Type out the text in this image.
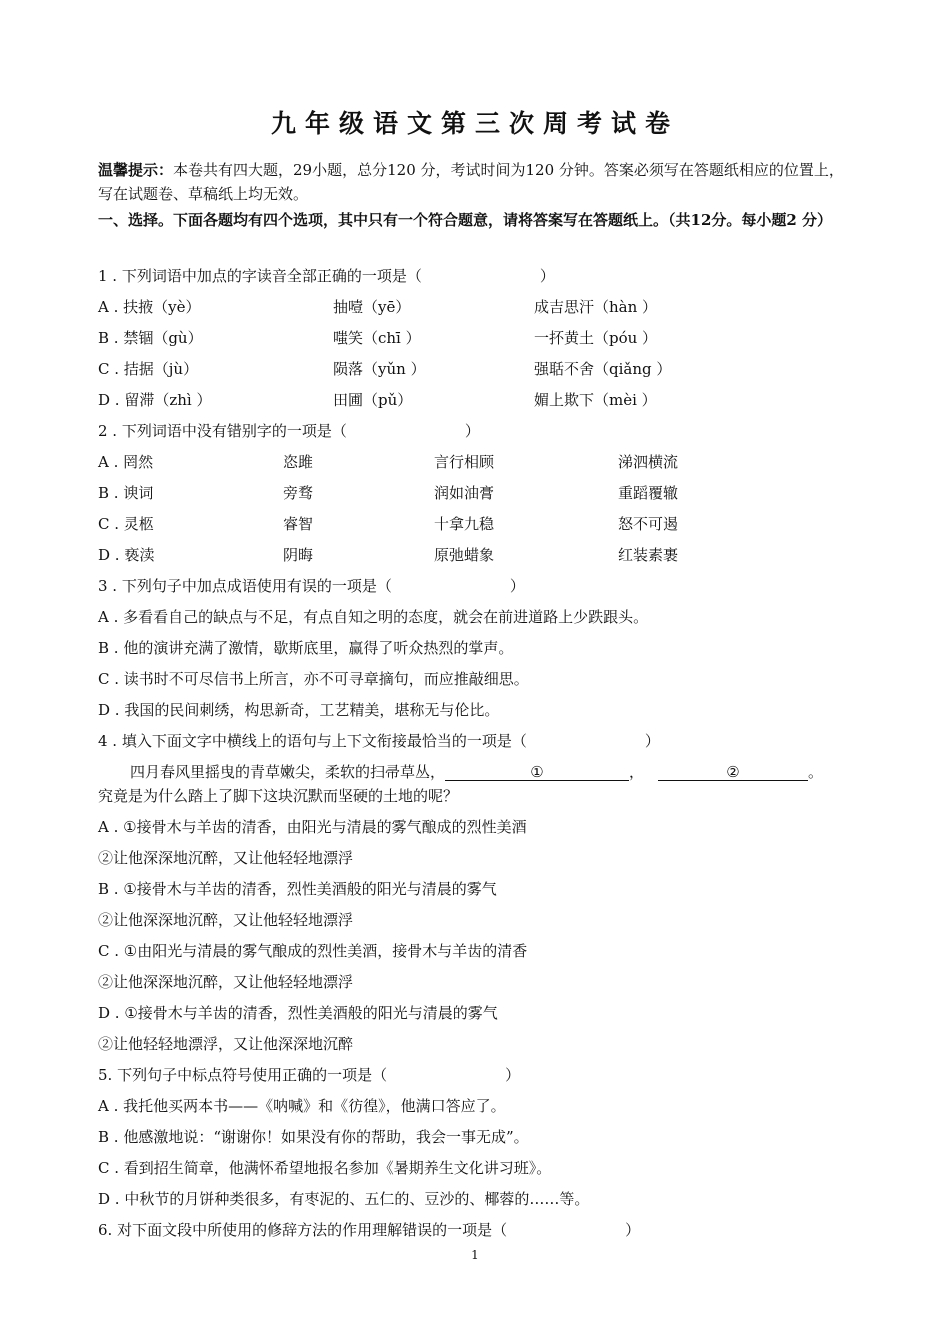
九年级语文第三次周考试卷
温馨提示：本卷共有四大题，29小题，总分120 分，考试时间为120 分钟。答案必须写在答题纸相应的位置上，写在试题卷、草稿纸上均无效。
一、选择。下面各题均有四个选项，其中只有一个符合题意，请将答案写在答题纸上。（共12分。每小题2 分）
1 . 下列词语中加点的字读音全部正确的一项是（	）
A . 扶掖（yè）	抽噎（yē）	成吉思汗（hàn ）
B . 禁锢（gù）	嗤笑（chī ）	一抔黄土（póu ）
C . 拮据（jù）	陨落（yǔn ）	强聒不舍（qiǎng ）
D . 留滞（zhì ）	田圃（pǔ）	媚上欺下（mèi ）
2 . 下列词语中没有错别字的一项是（	）
A . 罔然	恣雎	言行相顾	涕泗横流
B . 谀词	旁骛	润如油膏	重蹈覆辙
C . 灵柩	睿智	十拿九稳	怒不可遏
D . 亵渎	阴晦	原弛蜡象	红装素裹
3 . 下列句子中加点成语使用有误的一项是（	）
A . 多看看自己的缺点与不足，有点自知之明的态度，就会在前进道路上少跌跟头。
B . 他的演讲充满了激情，歇斯底里，赢得了听众热烈的掌声。
C . 读书时不可尽信书上所言，亦不可寻章摘句，而应推敲细思。
D . 我国的民间刺绣，构思新奇，工艺精美，堪称无与伦比。
4 . 填入下面文字中横线上的语句与上下文衔接最恰当的一项是（	）
四月春风里摇曳的青草嫩尖，柔软的扫帚草丛，	①	，	②	。
究竟是为什么踏上了脚下这块沉默而坚硬的土地的呢？
A . ①接骨木与羊齿的清香，由阳光与清晨的雾气酿成的烈性美酒
②让他深深地沉醉，又让他轻轻地漂浮
B . ①接骨木与羊齿的清香，烈性美酒般的阳光与清晨的雾气
②让他深深地沉醉，又让他轻轻地漂浮
C . ①由阳光与清晨的雾气酿成的烈性美酒，接骨木与羊齿的清香
②让他深深地沉醉，又让他轻轻地漂浮
D . ①接骨木与羊齿的清香，烈性美酒般的阳光与清晨的雾气
②让他轻轻地漂浮，又让他深深地沉醉
5. 下列句子中标点符号使用正确的一项是（	）
A . 我托他买两本书——《呐喊》和《彷徨》，他满口答应了。
B . 他感激地说：“谢谢你！如果没有你的帮助，我会一事无成”。
C . 看到招生简章，他满怀希望地报名参加《暑期养生文化讲习班》。
D . 中秋节的月饼种类很多，有枣泥的、五仁的、豆沙的、椰蓉的……等。
6. 对下面文段中所使用的修辞方法的作用理解错误的一项是（	）
1
